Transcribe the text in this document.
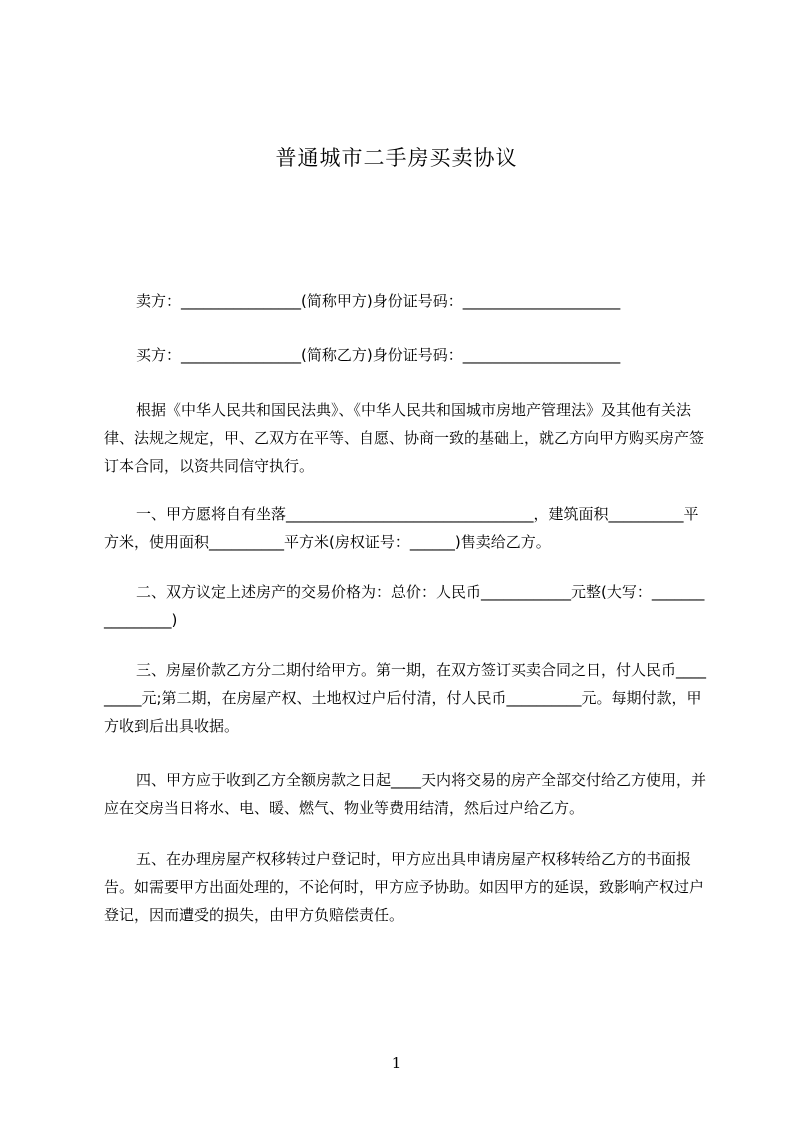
普通城市二手房买卖协议
卖方：________________(简称甲方)身份证号码：_____________________
买方：________________(简称乙方)身份证号码：_____________________
根据《中华人民共和国民法典》、《中华人民共和国城市房地产管理法》及其他有关法律、法规之规定，甲、乙双方在平等、自愿、协商一致的基础上，就乙方向甲方购买房产签订本合同，以资共同信守执行。
一、甲方愿将自有坐落_________________________________，建筑面积__________平方米，使用面积__________平方米(房权证号：______)售卖给乙方。
二、双方议定上述房产的交易价格为：总价：人民币____________元整(大写：________________)
三、房屋价款乙方分二期付给甲方。第一期，在双方签订买卖合同之日，付人民币_________元;第二期，在房屋产权、土地权过户后付清，付人民币__________元。每期付款，甲方收到后出具收据。
四、甲方应于收到乙方全额房款之日起____天内将交易的房产全部交付给乙方使用，并应在交房当日将水、电、暖、燃气、物业等费用结清，然后过户给乙方。
五、在办理房屋产权移转过户登记时，甲方应出具申请房屋产权移转给乙方的书面报告。如需要甲方出面处理的，不论何时，甲方应予协助。如因甲方的延误，致影响产权过户登记，因而遭受的损失，由甲方负赔偿责任。
1
